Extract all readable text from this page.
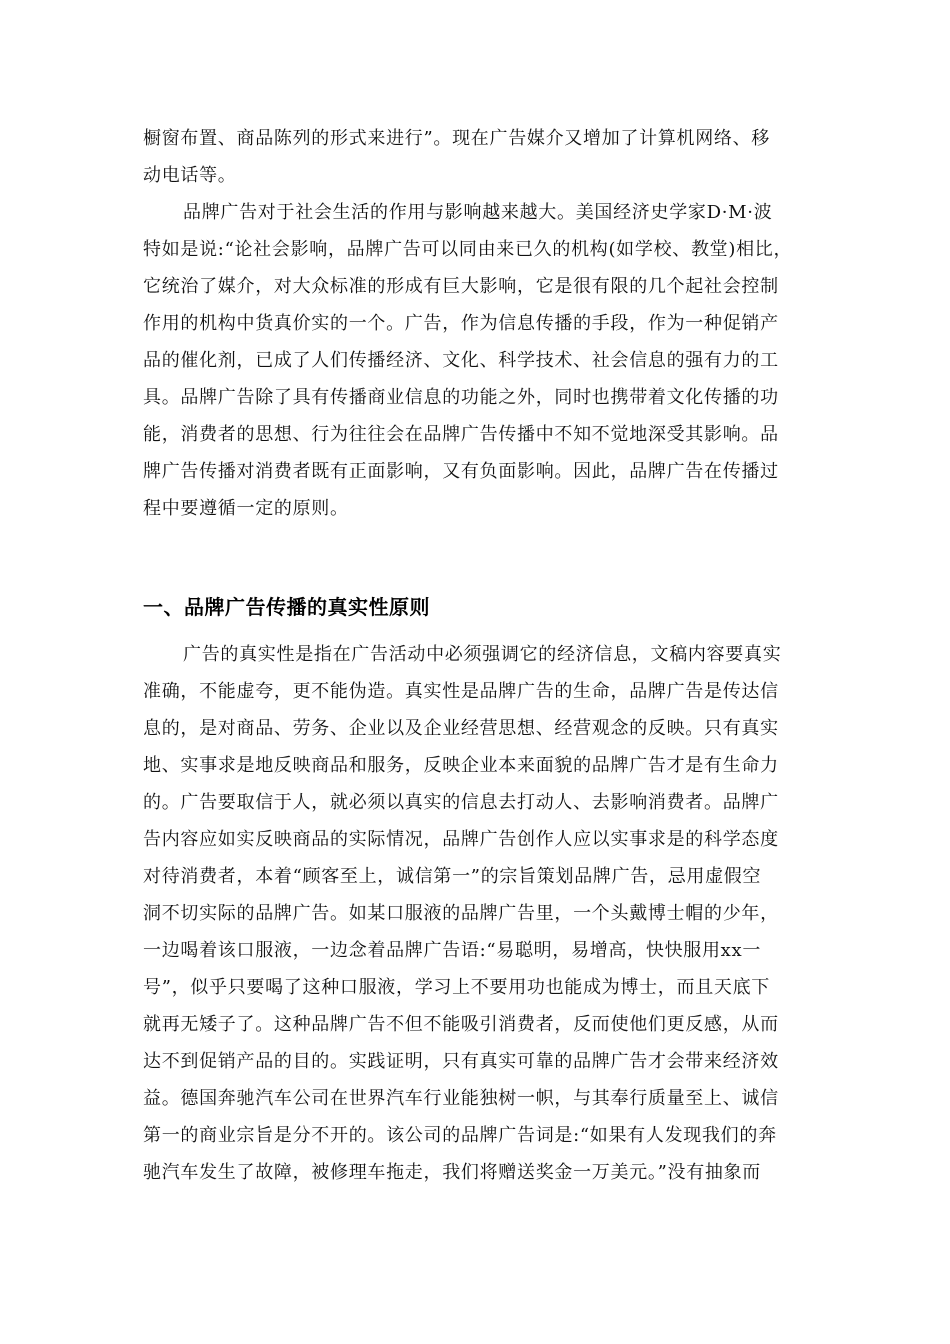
橱窗布置、商品陈列的形式来进行”。现在广告媒介又增加了计算机网络、移
动电话等。
品牌广告对于社会生活的作用与影响越来越大。美国经济史学家D·M·波
特如是说:“论社会影响，品牌广告可以同由来已久的机构(如学校、教堂)相比，
它统治了媒介，对大众标准的形成有巨大影响，它是很有限的几个起社会控制
作用的机构中货真价实的一个。广告，作为信息传播的手段，作为一种促销产
品的催化剂，已成了人们传播经济、文化、科学技术、社会信息的强有力的工
具。品牌广告除了具有传播商业信息的功能之外，同时也携带着文化传播的功
能，消费者的思想、行为往往会在品牌广告传播中不知不觉地深受其影响。品
牌广告传播对消费者既有正面影响，又有负面影响。因此，品牌广告在传播过
程中要遵循一定的原则。
一、品牌广告传播的真实性原则
广告的真实性是指在广告活动中必须强调它的经济信息，文稿内容要真实
准确，不能虚夸，更不能伪造。真实性是品牌广告的生命，品牌广告是传达信
息的，是对商品、劳务、企业以及企业经营思想、经营观念的反映。只有真实
地、实事求是地反映商品和服务，反映企业本来面貌的品牌广告才是有生命力
的。广告要取信于人，就必须以真实的信息去打动人、去影响消费者。品牌广
告内容应如实反映商品的实际情况，品牌广告创作人应以实事求是的科学态度
对待消费者，本着“顾客至上，诚信第一”的宗旨策划品牌广告，忌用虚假空
洞不切实际的品牌广告。如某口服液的品牌广告里，一个头戴博士帽的少年，
一边喝着该口服液，一边念着品牌广告语:“易聪明，易增高，快快服用xx一
号”，似乎只要喝了这种口服液，学习上不要用功也能成为博士，而且天底下
就再无矮子了。这种品牌广告不但不能吸引消费者，反而使他们更反感，从而
达不到促销产品的目的。实践证明，只有真实可靠的品牌广告才会带来经济效
益。德国奔驰汽车公司在世界汽车行业能独树一帜，与其奉行质量至上、诚信
第一的商业宗旨是分不开的。该公司的品牌广告词是:“如果有人发现我们的奔
驰汽车发生了故障，被修理车拖走，我们将赠送奖金一万美元。”没有抽象而
